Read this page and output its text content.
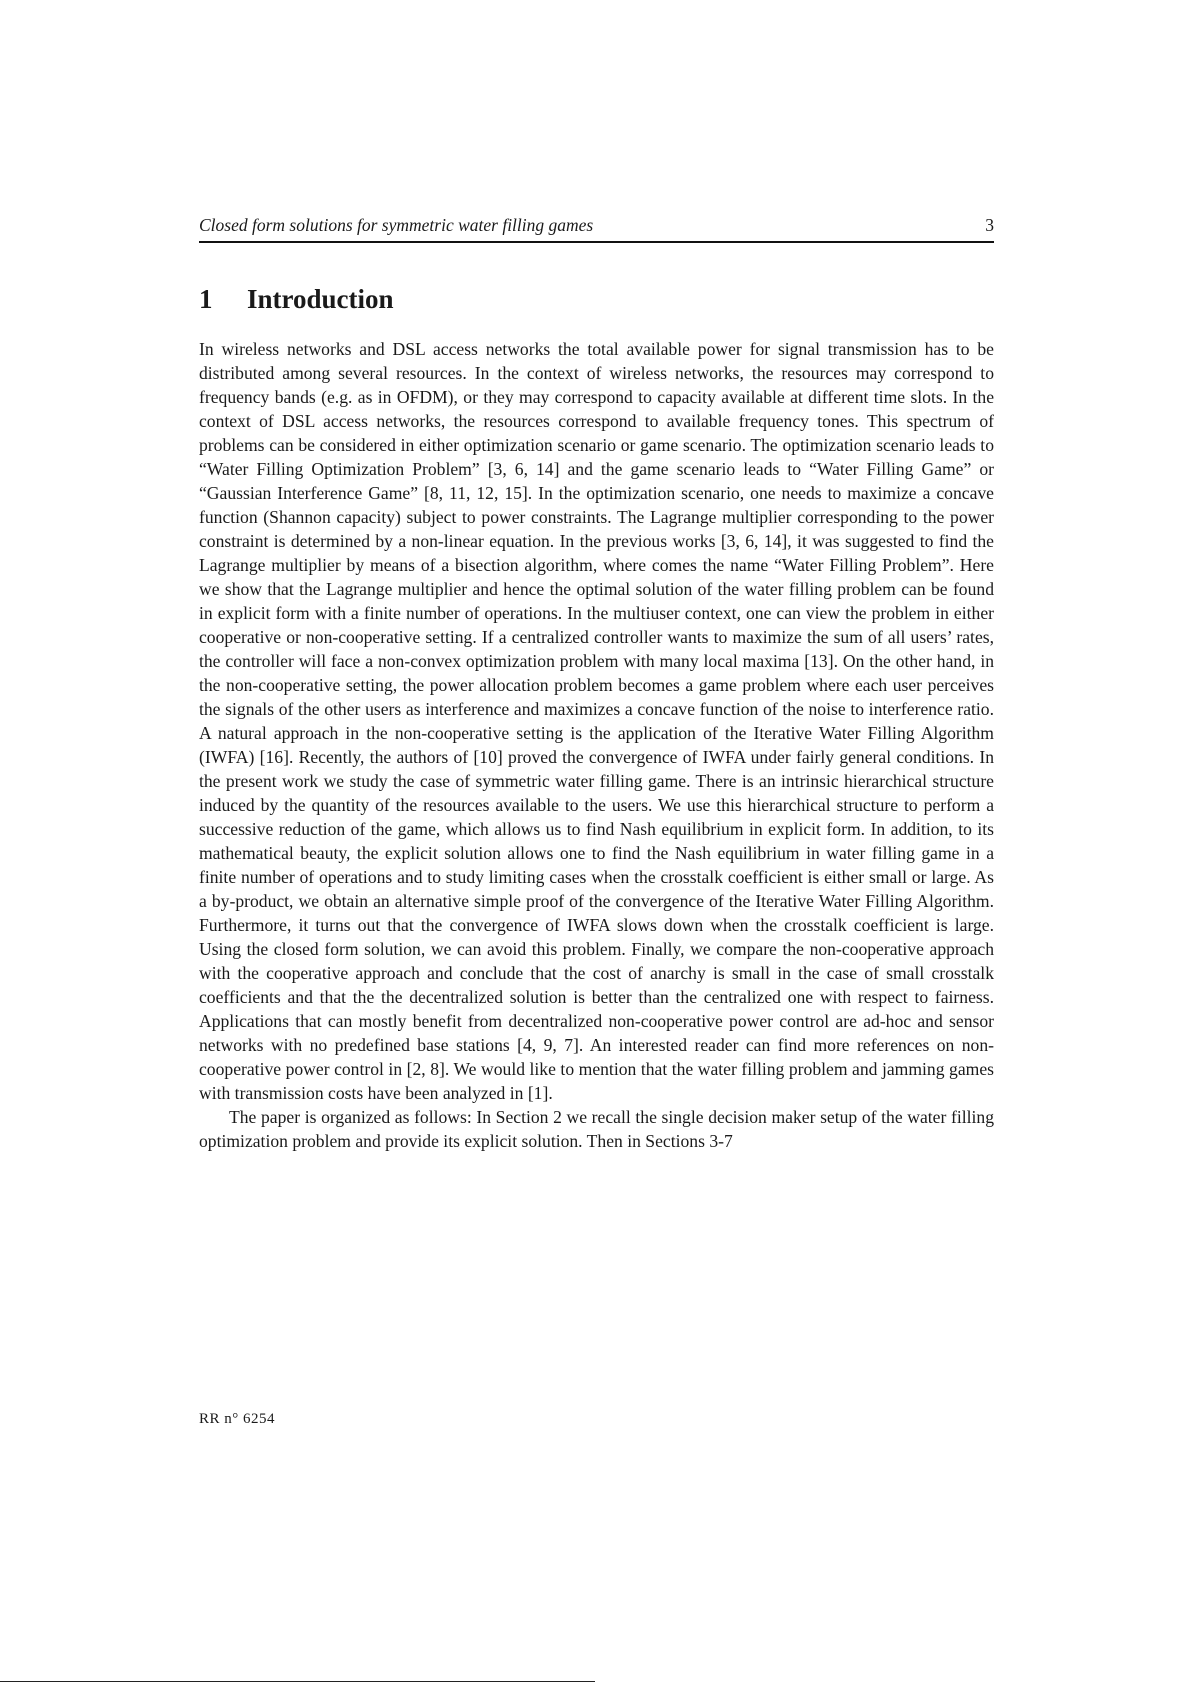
Closed form solutions for symmetric water filling games	3
1 Introduction

In wireless networks and DSL access networks the total available power for signal transmission has to be distributed among several resources. In the context of wireless networks, the resources may correspond to frequency bands (e.g. as in OFDM), or they may correspond to capacity available at different time slots. In the context of DSL access networks, the resources correspond to available frequency tones. This spectrum of problems can be considered in either optimization scenario or game scenario. The optimization scenario leads to “Water Filling Optimization Problem” [3, 6, 14] and the game scenario leads to “Water Filling Game” or “Gaussian Interference Game” [8, 11, 12, 15]. In the optimization scenario, one needs to maximize a concave function (Shannon capacity) subject to power constraints. The Lagrange multiplier corresponding to the power constraint is determined by a non-linear equation. In the previous works [3, 6, 14], it was suggested to find the Lagrange multiplier by means of a bisection algorithm, where comes the name “Water Filling Problem”. Here we show that the Lagrange multiplier and hence the optimal solution of the water filling problem can be found in explicit form with a finite number of operations. In the multiuser context, one can view the problem in either cooperative or non-cooperative setting. If a centralized controller wants to maximize the sum of all users’ rates, the controller will face a non-convex optimization problem with many local maxima [13]. On the other hand, in the non-cooperative setting, the power allocation problem becomes a game problem where each user perceives the signals of the other users as interference and maximizes a concave function of the noise to interference ratio. A natural approach in the non-cooperative setting is the application of the Iterative Water Filling Algorithm (IWFA) [16]. Recently, the authors of [10] proved the convergence of IWFA under fairly general conditions. In the present work we study the case of symmetric water filling game. There is an intrinsic hierarchical structure induced by the quantity of the resources available to the users. We use this hierarchical structure to perform a successive reduction of the game, which allows us to find Nash equilibrium in explicit form. In addition, to its mathematical beauty, the explicit solution allows one to find the Nash equilibrium in water filling game in a finite number of operations and to study limiting cases when the crosstalk coefficient is either small or large. As a by-product, we obtain an alternative simple proof of the convergence of the Iterative Water Filling Algorithm. Furthermore, it turns out that the convergence of IWFA slows down when the crosstalk coefficient is large. Using the closed form solution, we can avoid this problem. Finally, we compare the non-cooperative approach with the cooperative approach and conclude that the cost of anarchy is small in the case of small crosstalk coefficients and that the the decentralized solution is better than the centralized one with respect to fairness. Applications that can mostly benefit from decentralized non-cooperative power control are ad-hoc and sensor networks with no predefined base stations [4, 9, 7]. An interested reader can find more references on non-cooperative power control in [2, 8]. We would like to mention that the water filling problem and jamming games with transmission costs have been analyzed in [1].

The paper is organized as follows: In Section 2 we recall the single decision maker setup of the water filling optimization problem and provide its explicit solution. Then in Sections 3-7

RR n° 6254
